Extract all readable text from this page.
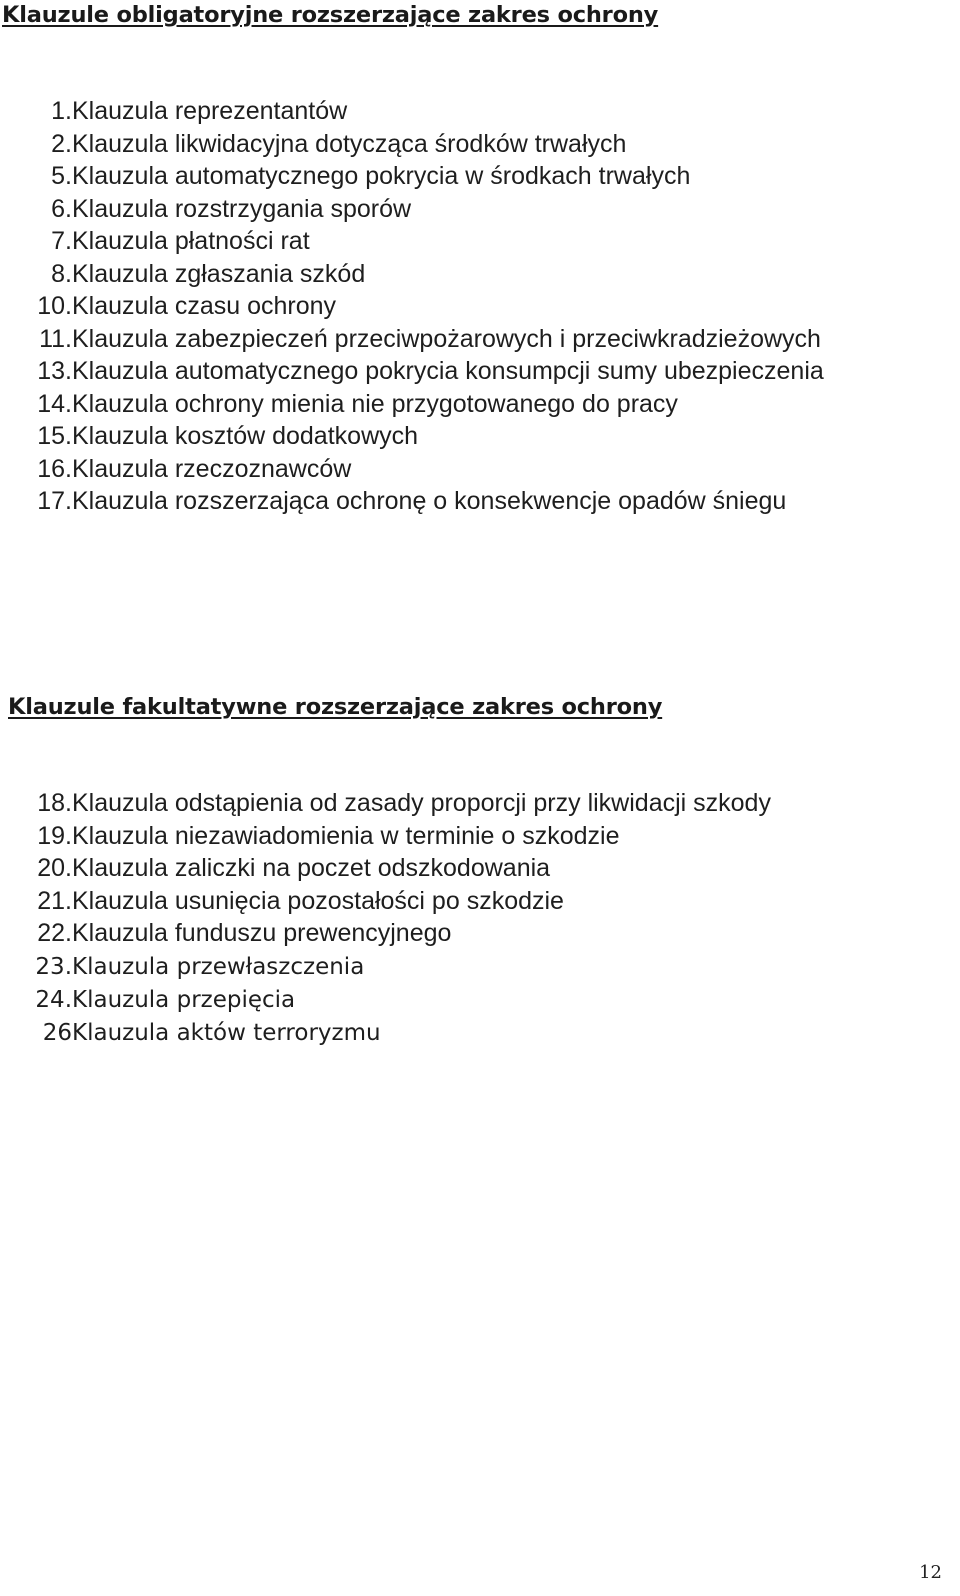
Klauzule obligatoryjne rozszerzające zakres ochrony
1. Klauzula reprezentantów
2. Klauzula likwidacyjna dotycząca środków trwałych
5. Klauzula automatycznego pokrycia w środkach trwałych
6. Klauzula rozstrzygania sporów
7. Klauzula płatności rat
8. Klauzula zgłaszania szkód
10. Klauzula czasu ochrony
11. Klauzula zabezpieczeń przeciwpożarowych i przeciwkradzieżowych
13. Klauzula automatycznego pokrycia konsumpcji sumy ubezpieczenia
14. Klauzula ochrony mienia nie przygotowanego do pracy
15. Klauzula kosztów dodatkowych
16. Klauzula rzeczoznawców
17. Klauzula rozszerzająca ochronę o konsekwencje opadów śniegu
Klauzule fakultatywne rozszerzające zakres ochrony
18. Klauzula odstąpienia od zasady proporcji przy likwidacji szkody
19. Klauzula niezawiadomienia w terminie o szkodzie
20. Klauzula zaliczki na poczet odszkodowania
21. Klauzula usunięcia pozostałości po szkodzie
22. Klauzula funduszu prewencyjnego
23. Klauzula przewłaszczenia
24. Klauzula przepięcia
26 Klauzula aktów terroryzmu
12
